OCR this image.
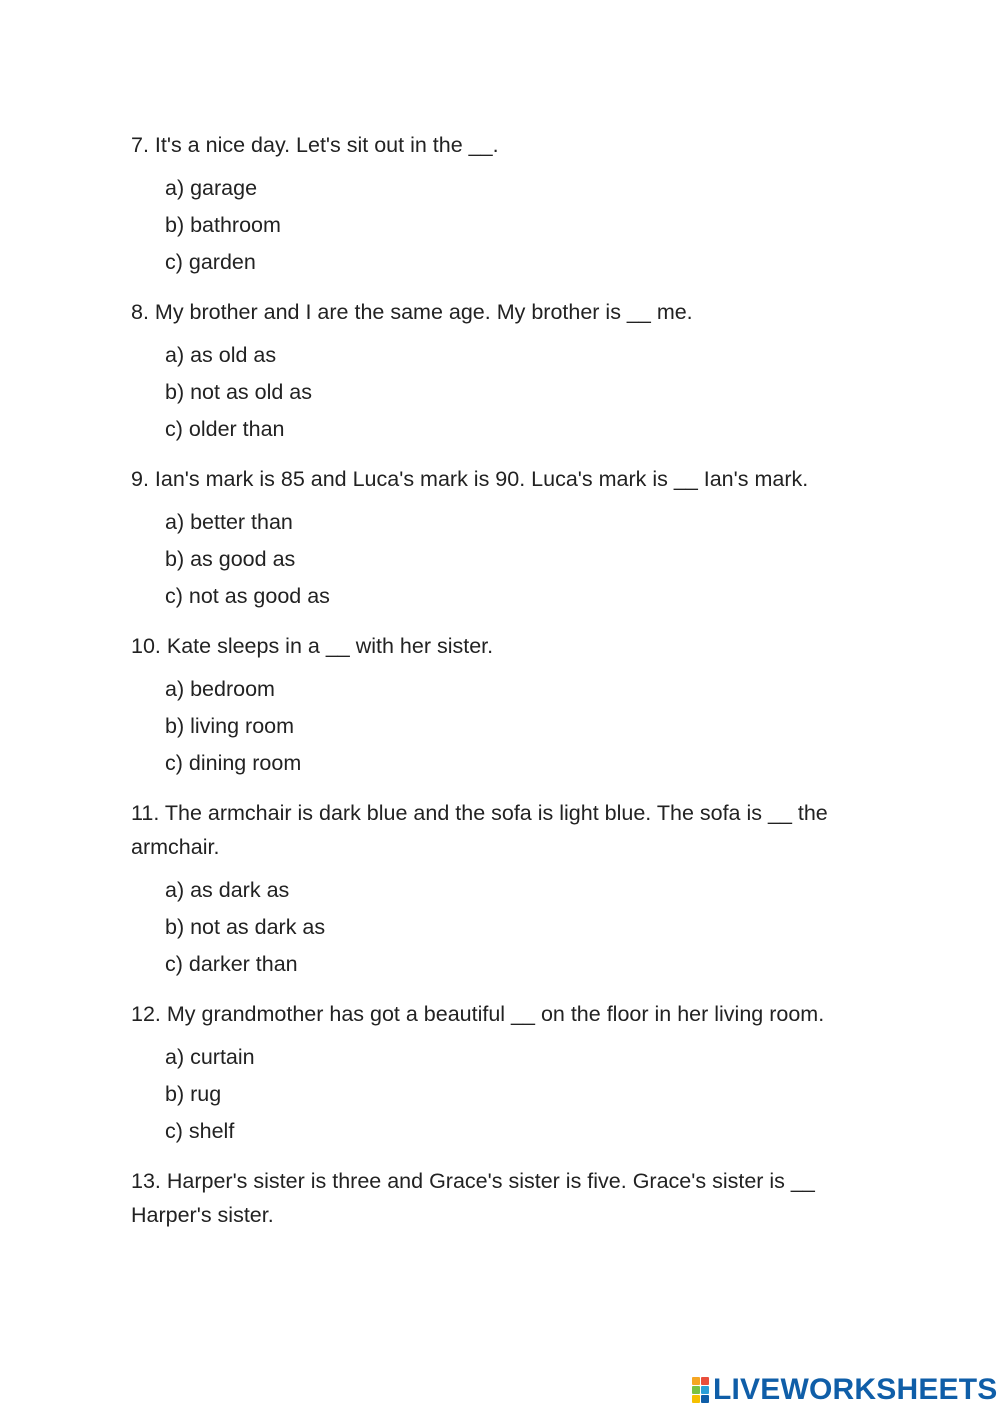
7. It's a nice day. Let's sit out in the __.

a) garage
b) bathroom
c) garden

8. My brother and I are the same age. My brother is __ me.

a) as old as
b) not as old as
c) older than

9. Ian's mark is 85 and Luca's mark is 90. Luca's mark is __ Ian's mark.

a) better than
b) as good as
c) not as good as

10. Kate sleeps in a __ with her sister.

a) bedroom
b) living room
c) dining room

11. The armchair is dark blue and the sofa is light blue. The sofa is __ the armchair.

a) as dark as
b) not as dark as
c) darker than

12. My grandmother has got a beautiful __ on the floor in her living room.

a) curtain
b) rug
c) shelf

13. Harper's sister is three and Grace's sister is five. Grace's sister is __ Harper's sister.

LIVEWORKSHEETS
